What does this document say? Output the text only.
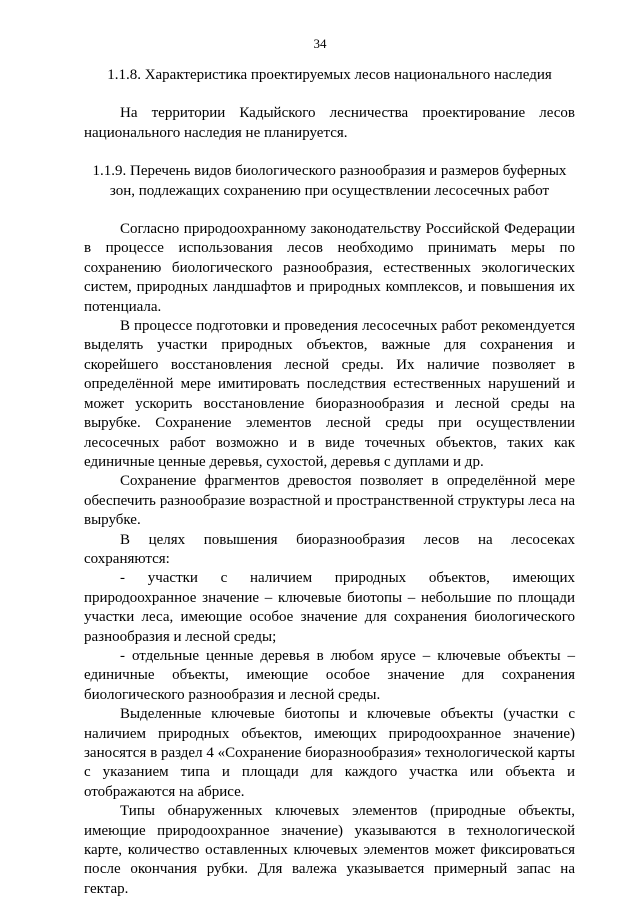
34
1.1.8. Характеристика проектируемых лесов национального наследия

На территории Кадыйского лесничества проектирование лесов национального наследия не планируется.

1.1.9. Перечень видов биологического разнообразия и размеров буферных зон, подлежащих сохранению при осуществлении лесосечных работ

Согласно природоохранному законодательству Российской Федерации в процессе использования лесов необходимо принимать меры по сохранению биологического разнообразия, естественных экологических систем, природных ландшафтов и природных комплексов, и повышения их потенциала.

В процессе подготовки и проведения лесосечных работ рекомендуется выделять участки природных объектов, важные для сохранения и скорейшего восстановления лесной среды. Их наличие позволяет в определённой мере имитировать последствия естественных нарушений и может ускорить восстановление биоразнообразия и лесной среды на вырубке. Сохранение элементов лесной среды при осуществлении лесосечных работ возможно и в виде точечных объектов, таких как единичные ценные деревья, сухостой, деревья с дуплами и др.

Сохранение фрагментов древостоя позволяет в определённой мере обеспечить разнообразие возрастной и пространственной структуры леса на вырубке.

В целях повышения биоразнообразия лесов на лесосеках сохраняются:

- участки с наличием природных объектов, имеющих природоохранное значение – ключевые биотопы – небольшие по площади участки леса, имеющие особое значение для сохранения биологического разнообразия и лесной среды;

- отдельные ценные деревья в любом ярусе – ключевые объекты – единичные объекты, имеющие особое значение для сохранения биологического разнообразия и лесной среды.

Выделенные ключевые биотопы и ключевые объекты (участки с наличием природных объектов, имеющих природоохранное значение) заносятся в раздел 4 «Сохранение биоразнообразия» технологической карты с указанием типа и площади для каждого участка или объекта и отображаются на абрисе.

Типы обнаруженных ключевых элементов (природные объекты, имеющие природоохранное значение) указываются в технологической карте, количество оставленных ключевых элементов может фиксироваться после окончания рубки. Для валежа указывается примерный запас на гектар.
